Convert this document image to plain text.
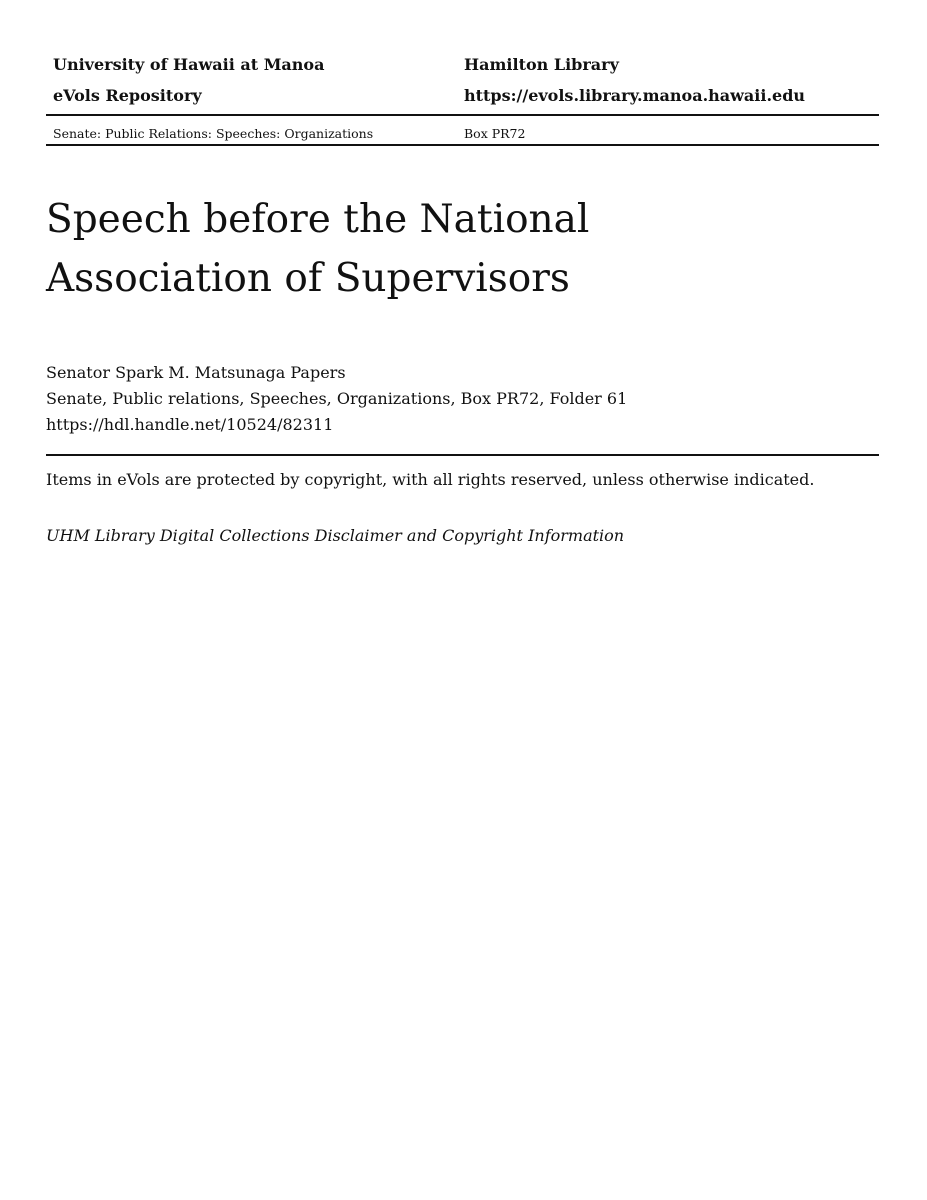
University of Hawaii at Manoa	Hamilton Library
eVols Repository	https://evols.library.manoa.hawaii.edu
Senate: Public Relations: Speeches: Organizations	Box PR72
Speech before the National
Association of Supervisors
Senator Spark M. Matsunaga Papers
Senate, Public relations, Speeches, Organizations, Box PR72, Folder 61
https://hdl.handle.net/10524/82311
Items in eVols are protected by copyright, with all rights reserved, unless otherwise indicated.
UHM Library Digital Collections Disclaimer and Copyright Information
